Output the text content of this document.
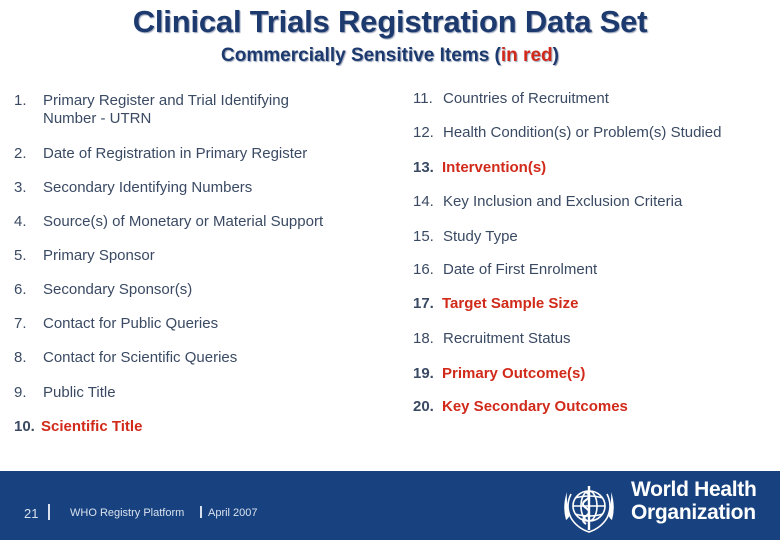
Clinical Trials Registration Data Set
Commercially Sensitive Items (in red)
1. Primary Register and Trial Identifying
Number - UTRN
2. Date of Registration in Primary Register
3. Secondary Identifying Numbers
4. Source(s) of Monetary or Material Support
5. Primary Sponsor
6. Secondary Sponsor(s)
7. Contact for Public Queries
8. Contact for Scientific Queries
9. Public Title
10. Scientific Title
11. Countries of Recruitment
12. Health Condition(s) or Problem(s) Studied
13. Intervention(s)
14. Key Inclusion and Exclusion Criteria
15. Study Type
16. Date of First Enrolment
17. Target Sample Size
18. Recruitment Status
19. Primary Outcome(s)
20. Key Secondary Outcomes
21	WHO Registry Platform April 2007
World Health
Organization
